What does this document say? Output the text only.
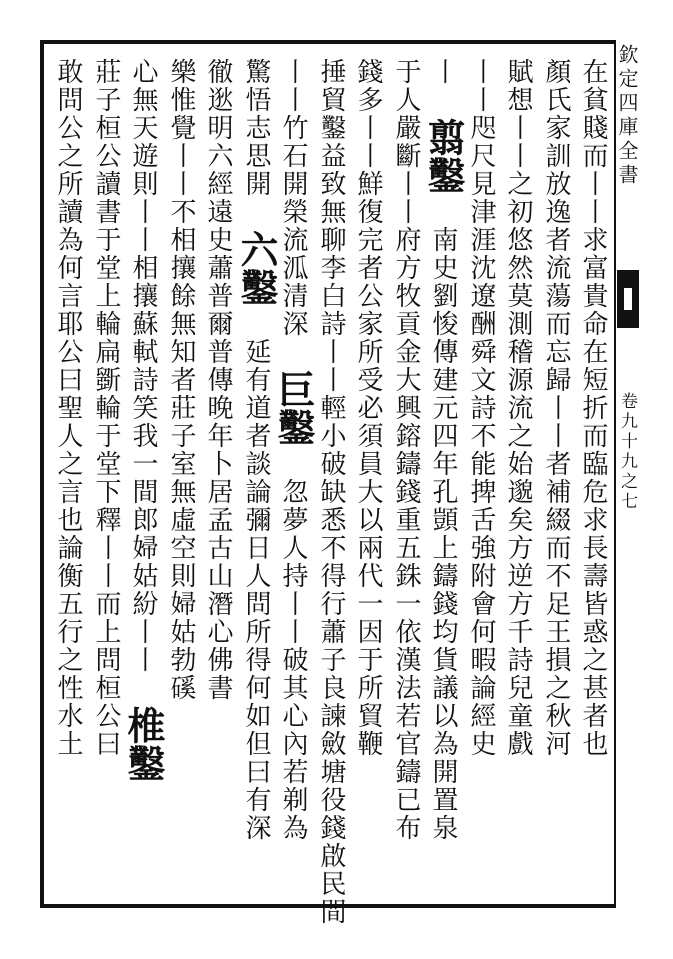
欽定四庫全書
卷九十九之七
在貧賤而丨丨求富貴命在短折而臨危求長壽皆惑之甚者也
顏氏家訓放逸者流蕩而忘歸丨丨者補綴而不足王損之秋河
賦想丨丨之初悠然莫測稽源流之始邈矣方逆方千詩兒童戲
丨丨咫尺見津涯沈遼酬舜文詩不能捭舌強附會何暇論經史
丨 翦鑿 南史劉悛傳建元四年孔顗上鑄錢均貨議以為開置泉
于人嚴斷丨丨府方牧貢金大興鎔鑄錢重五銖一依漢法若官鑄已布
錢多丨丨鮮復完者公家所受必須員大以兩代一因于所貿鞭
捶貿鑿益致無聊李白詩丨丨輕小破缺悉不得行蕭子良諫斂塘役錢啟民間
丨丨竹石開榮流泒清深 巨鑿 忽夢人持丨丨破其心內若剃為
驚悟志思開 六鑿 延有道者談論彌日人問所得何如但曰有深
徹逖明六經遠史蕭普爾普傳晚年卜居孟古山潛心佛書
樂惟覺丨丨不相攘餘無知者莊子室無虛空則婦姑勃磎
心無天遊則丨丨相攘蘇軾詩笑我一間郎婦姑紛丨丨 椎鑿
莊子桓公讀書于堂上輪扁斵輪于堂下釋丨丨而上問桓公曰
敢問公之所讀為何言耶公曰聖人之言也論衡五行之性水土
